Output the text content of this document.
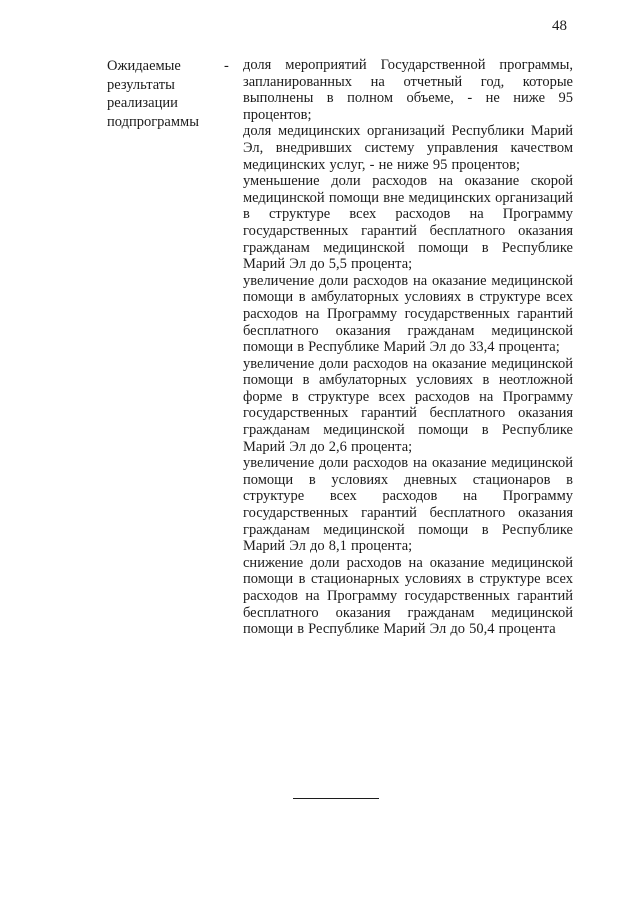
48
Ожидаемые
результаты
реализации
подпрограммы
- доля мероприятий Государственной программы, запланированных на отчетный год, которые выполнены в полном объеме, - не ниже 95 процентов;
доля медицинских организаций Республики Марий Эл, внедривших систему управления качеством медицинских услуг, - не ниже 95 процентов;
уменьшение доли расходов на оказание скорой медицинской помощи вне медицинских организаций в структуре всех расходов на Программу государственных гарантий бесплатного оказания гражданам медицинской помощи в Республике Марий Эл до 5,5 процента;
увеличение доли расходов на оказание медицинской помощи в амбулаторных условиях в структуре всех расходов на Программу государственных гарантий бесплатного оказания гражданам медицинской помощи в Республике Марий Эл до 33,4 процента;
увеличение доли расходов на оказание медицинской помощи в амбулаторных условиях в неотложной форме в структуре всех расходов на Программу государственных гарантий бесплатного оказания гражданам медицинской помощи в Республике Марий Эл до 2,6 процента;
увеличение доли расходов на оказание медицинской помощи в условиях дневных стационаров в структуре всех расходов на Программу государственных гарантий бесплатного оказания гражданам медицинской помощи в Республике Марий Эл до 8,1 процента;
снижение доли расходов на оказание медицинской помощи в стационарных условиях в структуре всех расходов на Программу государственных гарантий бесплатного оказания гражданам медицинской помощи в Республике Марий Эл до 50,4 процента
